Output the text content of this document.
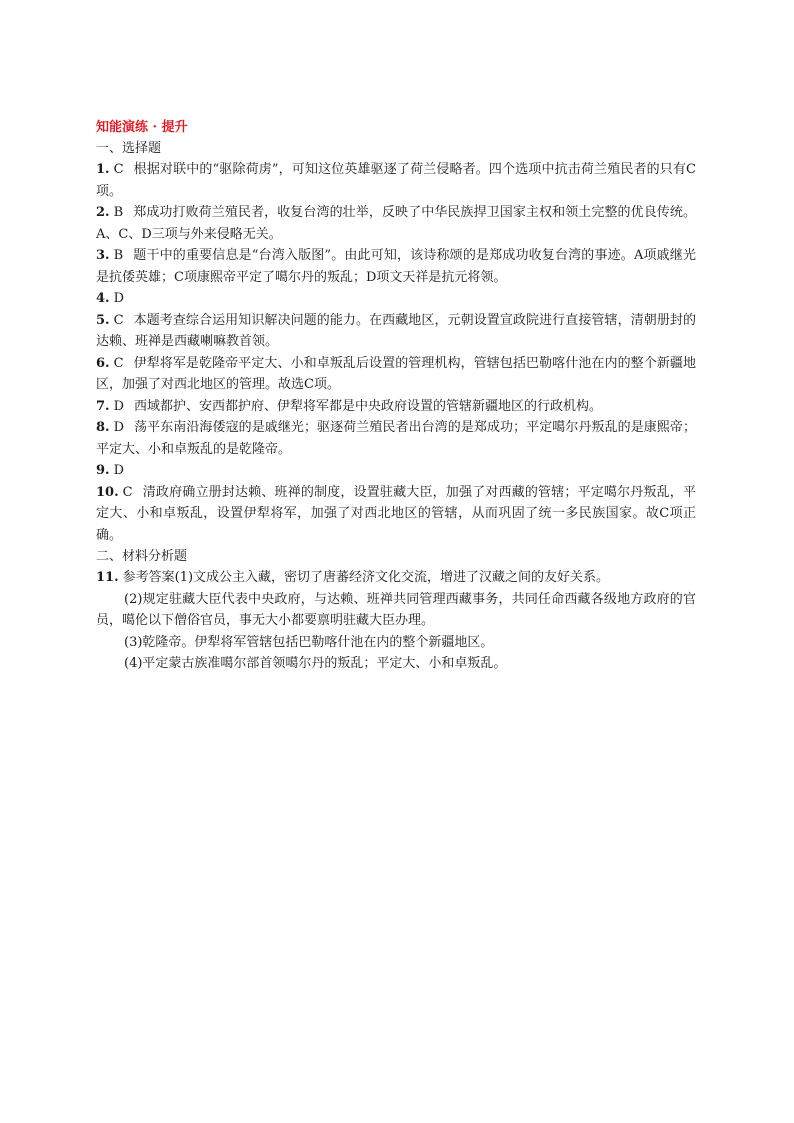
知能演练 · 提升
一、选择题
1. C 根据对联中的“驱除荷虏”，可知这位英雄驱逐了荷兰侵略者。四个选项中抗击荷兰殖民者的只有C项。
2. B 郑成功打败荷兰殖民者，收复台湾的壮举，反映了中华民族捍卫国家主权和领土完整的优良传统。A、C、D三项与外来侵略无关。
3. B 题干中的重要信息是“台湾入版图”。由此可知，该诗称颂的是郑成功收复台湾的事迹。A项戚继光是抗倭英雄；C项康熙帝平定了噶尔丹的叛乱；D项文天祥是抗元将领。
4. D
5. C 本题考查综合运用知识解决问题的能力。在西藏地区，元朝设置宣政院进行直接管辖，清朝册封的达赖、班禅是西藏喇嘛教首领。
6. C 伊犁将军是乾隆帝平定大、小和卓叛乱后设置的管理机构，管辖包括巴勒喀什池在内的整个新疆地区，加强了对西北地区的管理。故选C项。
7. D 西域都护、安西都护府、伊犁将军都是中央政府设置的管辖新疆地区的行政机构。
8. D 荡平东南沿海倭寇的是戚继光；驱逐荷兰殖民者出台湾的是郑成功；平定噶尔丹叛乱的是康熙帝；平定大、小和卓叛乱的是乾隆帝。
9. D
10. C 清政府确立册封达赖、班禅的制度，设置驻藏大臣，加强了对西藏的管辖；平定噶尔丹叛乱，平定大、小和卓叛乱，设置伊犁将军，加强了对西北地区的管辖，从而巩固了统一多民族国家。故C项正确。
二、材料分析题
11. 参考答案(1)文成公主入藏，密切了唐蕃经济文化交流，增进了汉藏之间的友好关系。
(2)规定驻藏大臣代表中央政府，与达赖、班禅共同管理西藏事务，共同任命西藏各级地方政府的官员，噶伦以下僧俗官员，事无大小都要禀明驻藏大臣办理。
(3)乾隆帝。伊犁将军管辖包括巴勒喀什池在内的整个新疆地区。
(4)平定蒙古族准噶尔部首领噶尔丹的叛乱；平定大、小和卓叛乱。
